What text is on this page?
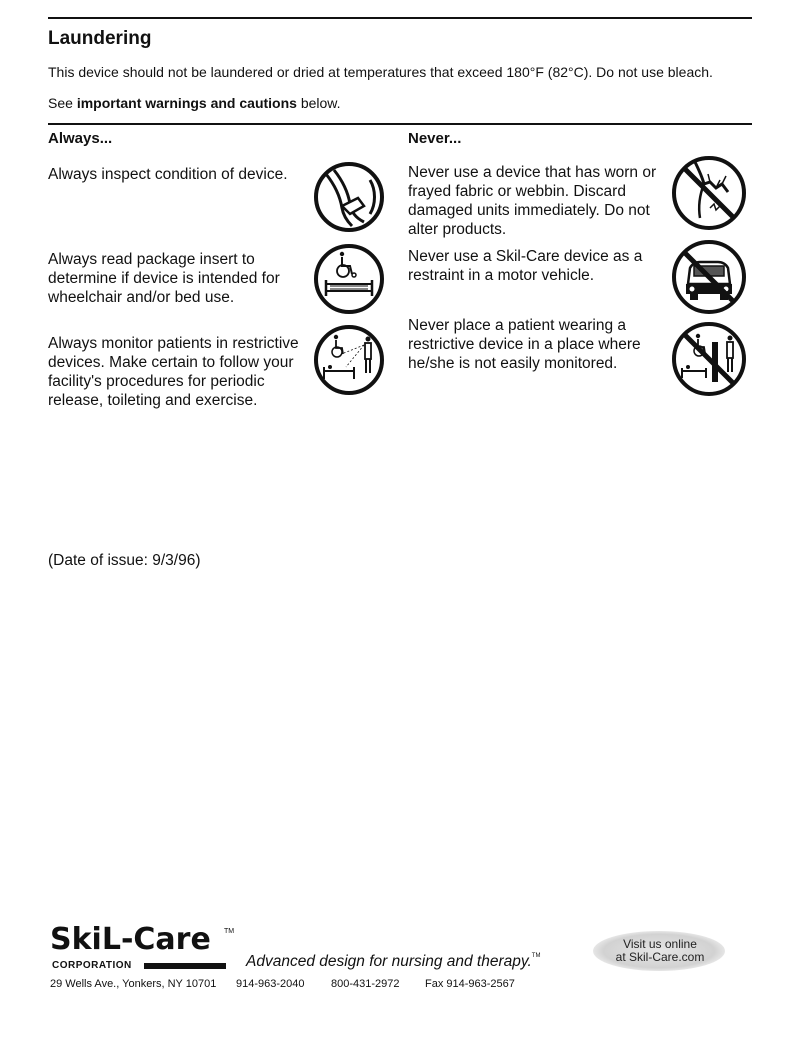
Laundering
This device should not be laundered or dried at temperatures that exceed 180°F (82°C). Do not use bleach.
See important warnings and cautions below.
Always...	Never...
Always inspect condition of device.
Always read package insert to determine if device is intended for wheelchair and/or bed use.
Always monitor patients in restrictive devices. Make certain to follow your facility's procedures for periodic release, toileting and exercise.
Never use a device that has worn or frayed fabric or webbin. Discard damaged units immediately. Do not alter products.
Never use a Skil-Care device as a restraint in a motor vehicle.
Never place a patient wearing a restrictive device in a place where he/she is not easily monitored.
(Date of issue: 9/3/96)
SkiL-Care TM
CORPORATION	Advanced design for nursing and therapy.™
29 Wells Ave., Yonkers, NY 10701 914-963-2040 800-431-2972 Fax 914-963-2567
Visit us online
at Skil-Care.com
